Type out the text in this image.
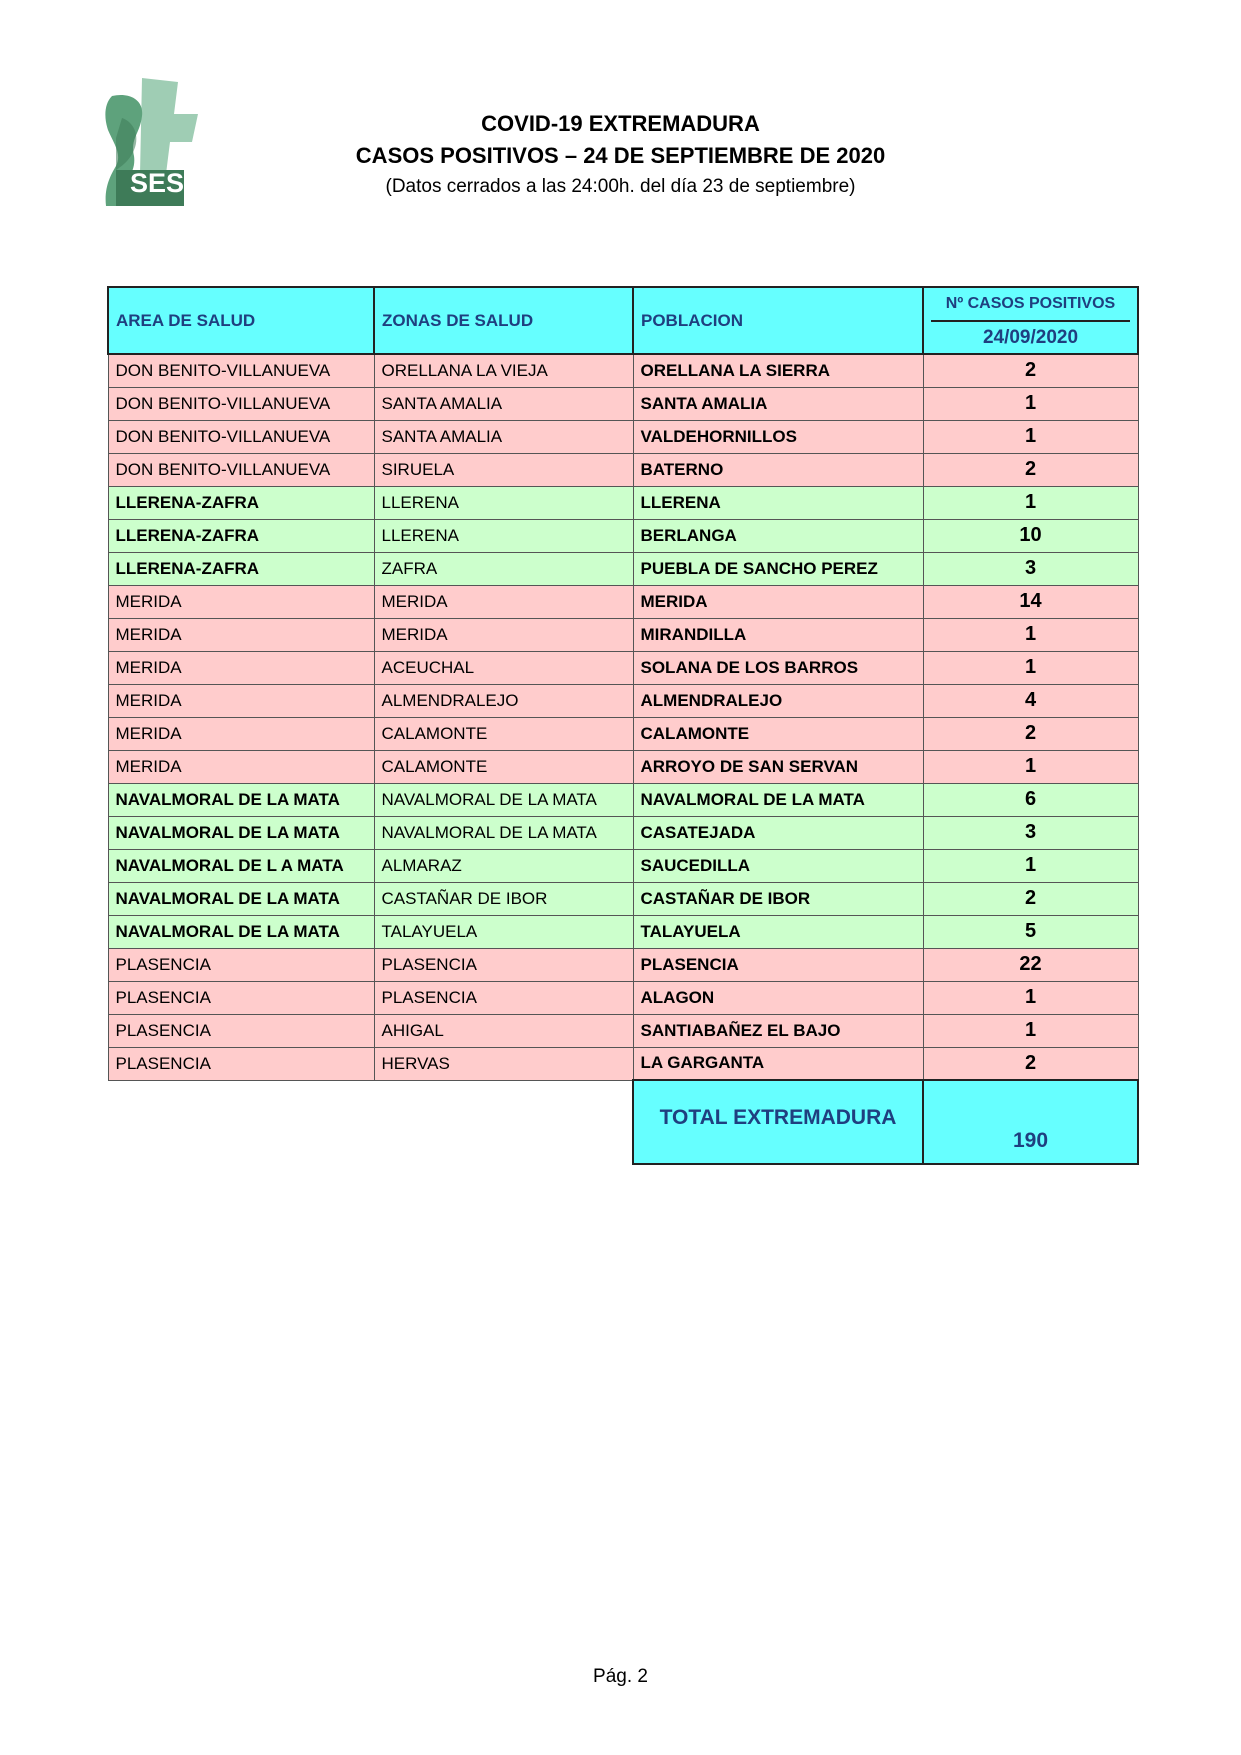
SES
COVID-19 EXTREMADURA
CASOS POSITIVOS – 24 DE SEPTIEMBRE DE 2020
(Datos cerrados a las 24:00h. del día 23 de septiembre)
AREA DE SALUD	ZONAS DE SALUD	POBLACION	Nº CASOS POSITIVOS
24/09/2020

DON BENITO-VILLANUEVA	ORELLANA LA VIEJA	ORELLANA LA SIERRA	2
DON BENITO-VILLANUEVA	SANTA AMALIA	SANTA AMALIA	1
DON BENITO-VILLANUEVA	SANTA AMALIA	VALDEHORNILLOS	1
DON BENITO-VILLANUEVA	SIRUELA	BATERNO	2
LLERENA-ZAFRA	LLERENA	LLERENA	1
LLERENA-ZAFRA	LLERENA	BERLANGA	10
LLERENA-ZAFRA	ZAFRA	PUEBLA DE SANCHO PEREZ	3
MERIDA	MERIDA	MERIDA	14
MERIDA	MERIDA	MIRANDILLA	1
MERIDA	ACEUCHAL	SOLANA DE LOS BARROS	1
MERIDA	ALMENDRALEJO	ALMENDRALEJO	4
MERIDA	CALAMONTE	CALAMONTE	2
MERIDA	CALAMONTE	ARROYO DE SAN SERVAN	1
NAVALMORAL DE LA MATA	NAVALMORAL DE LA MATA	NAVALMORAL DE LA MATA	6
NAVALMORAL DE LA MATA	NAVALMORAL DE LA MATA	CASATEJADA	3
NAVALMORAL DE L A MATA	ALMARAZ	SAUCEDILLA	1
NAVALMORAL DE LA MATA	CASTAÑAR DE IBOR	CASTAÑAR DE IBOR	2
NAVALMORAL DE LA MATA	TALAYUELA	TALAYUELA	5
PLASENCIA	PLASENCIA	PLASENCIA	22
PLASENCIA	PLASENCIA	ALAGON	1
PLASENCIA	AHIGAL	SANTIABAÑEZ EL BAJO	1
PLASENCIA	HERVAS	LA GARGANTA	2
		TOTAL EXTREMADURA	190
Pág. 2
